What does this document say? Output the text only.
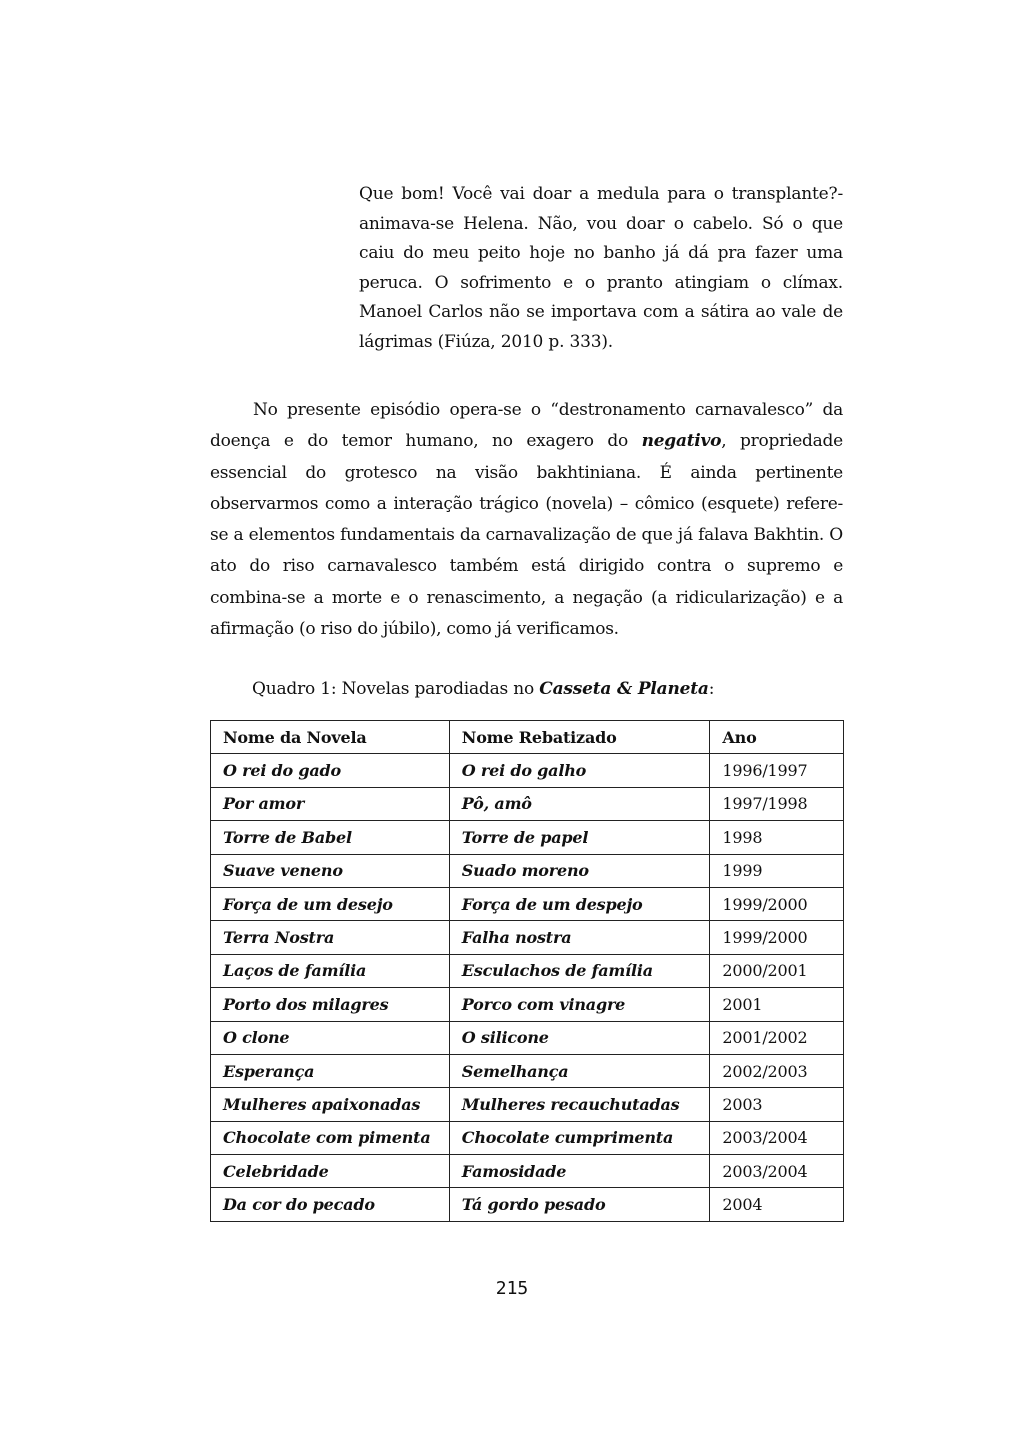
Que bom! Você vai doar a medula para o transplante?- animava-se Helena. Não, vou doar o cabelo. Só o que caiu do meu peito hoje no banho já dá pra fazer uma peruca. O sofrimento e o pranto atingiam o clímax. Manoel Carlos não se importava com a sátira ao vale de lágrimas (Fiúza, 2010 p. 333).
No presente episódio opera-se o “destronamento carnavalesco” da doença e do temor humano, no exagero do negativo, propriedade essencial do grotesco na visão bakhtiniana. É ainda pertinente observarmos como a interação trágico (novela) – cômico (esquete) refere-se a elementos fundamentais da carnavalização de que já falava Bakhtin. O ato do riso carnavalesco também está dirigido contra o supremo e combina-se a morte e o renascimento, a negação (a ridicularização) e a afirmação (o riso do júbilo), como já verificamos.
Quadro 1: Novelas parodiadas no Casseta & Planeta:
Nome da Novela	Nome Rebatizado	Ano
O rei do gado	O rei do galho	1996/1997
Por amor	Pô, amô	1997/1998
Torre de Babel	Torre de papel	1998
Suave veneno	Suado moreno	1999
Força de um desejo	Força de um despejo	1999/2000
Terra Nostra	Falha nostra	1999/2000
Laços de família	Esculachos de família	2000/2001
Porto dos milagres	Porco com vinagre	2001
O clone	O silicone	2001/2002
Esperança	Semelhança	2002/2003
Mulheres apaixonadas	Mulheres recauchutadas	2003
Chocolate com pimenta	Chocolate cumprimenta	2003/2004
Celebridade	Famosidade	2003/2004
Da cor do pecado	Tá gordo pesado	2004
215
